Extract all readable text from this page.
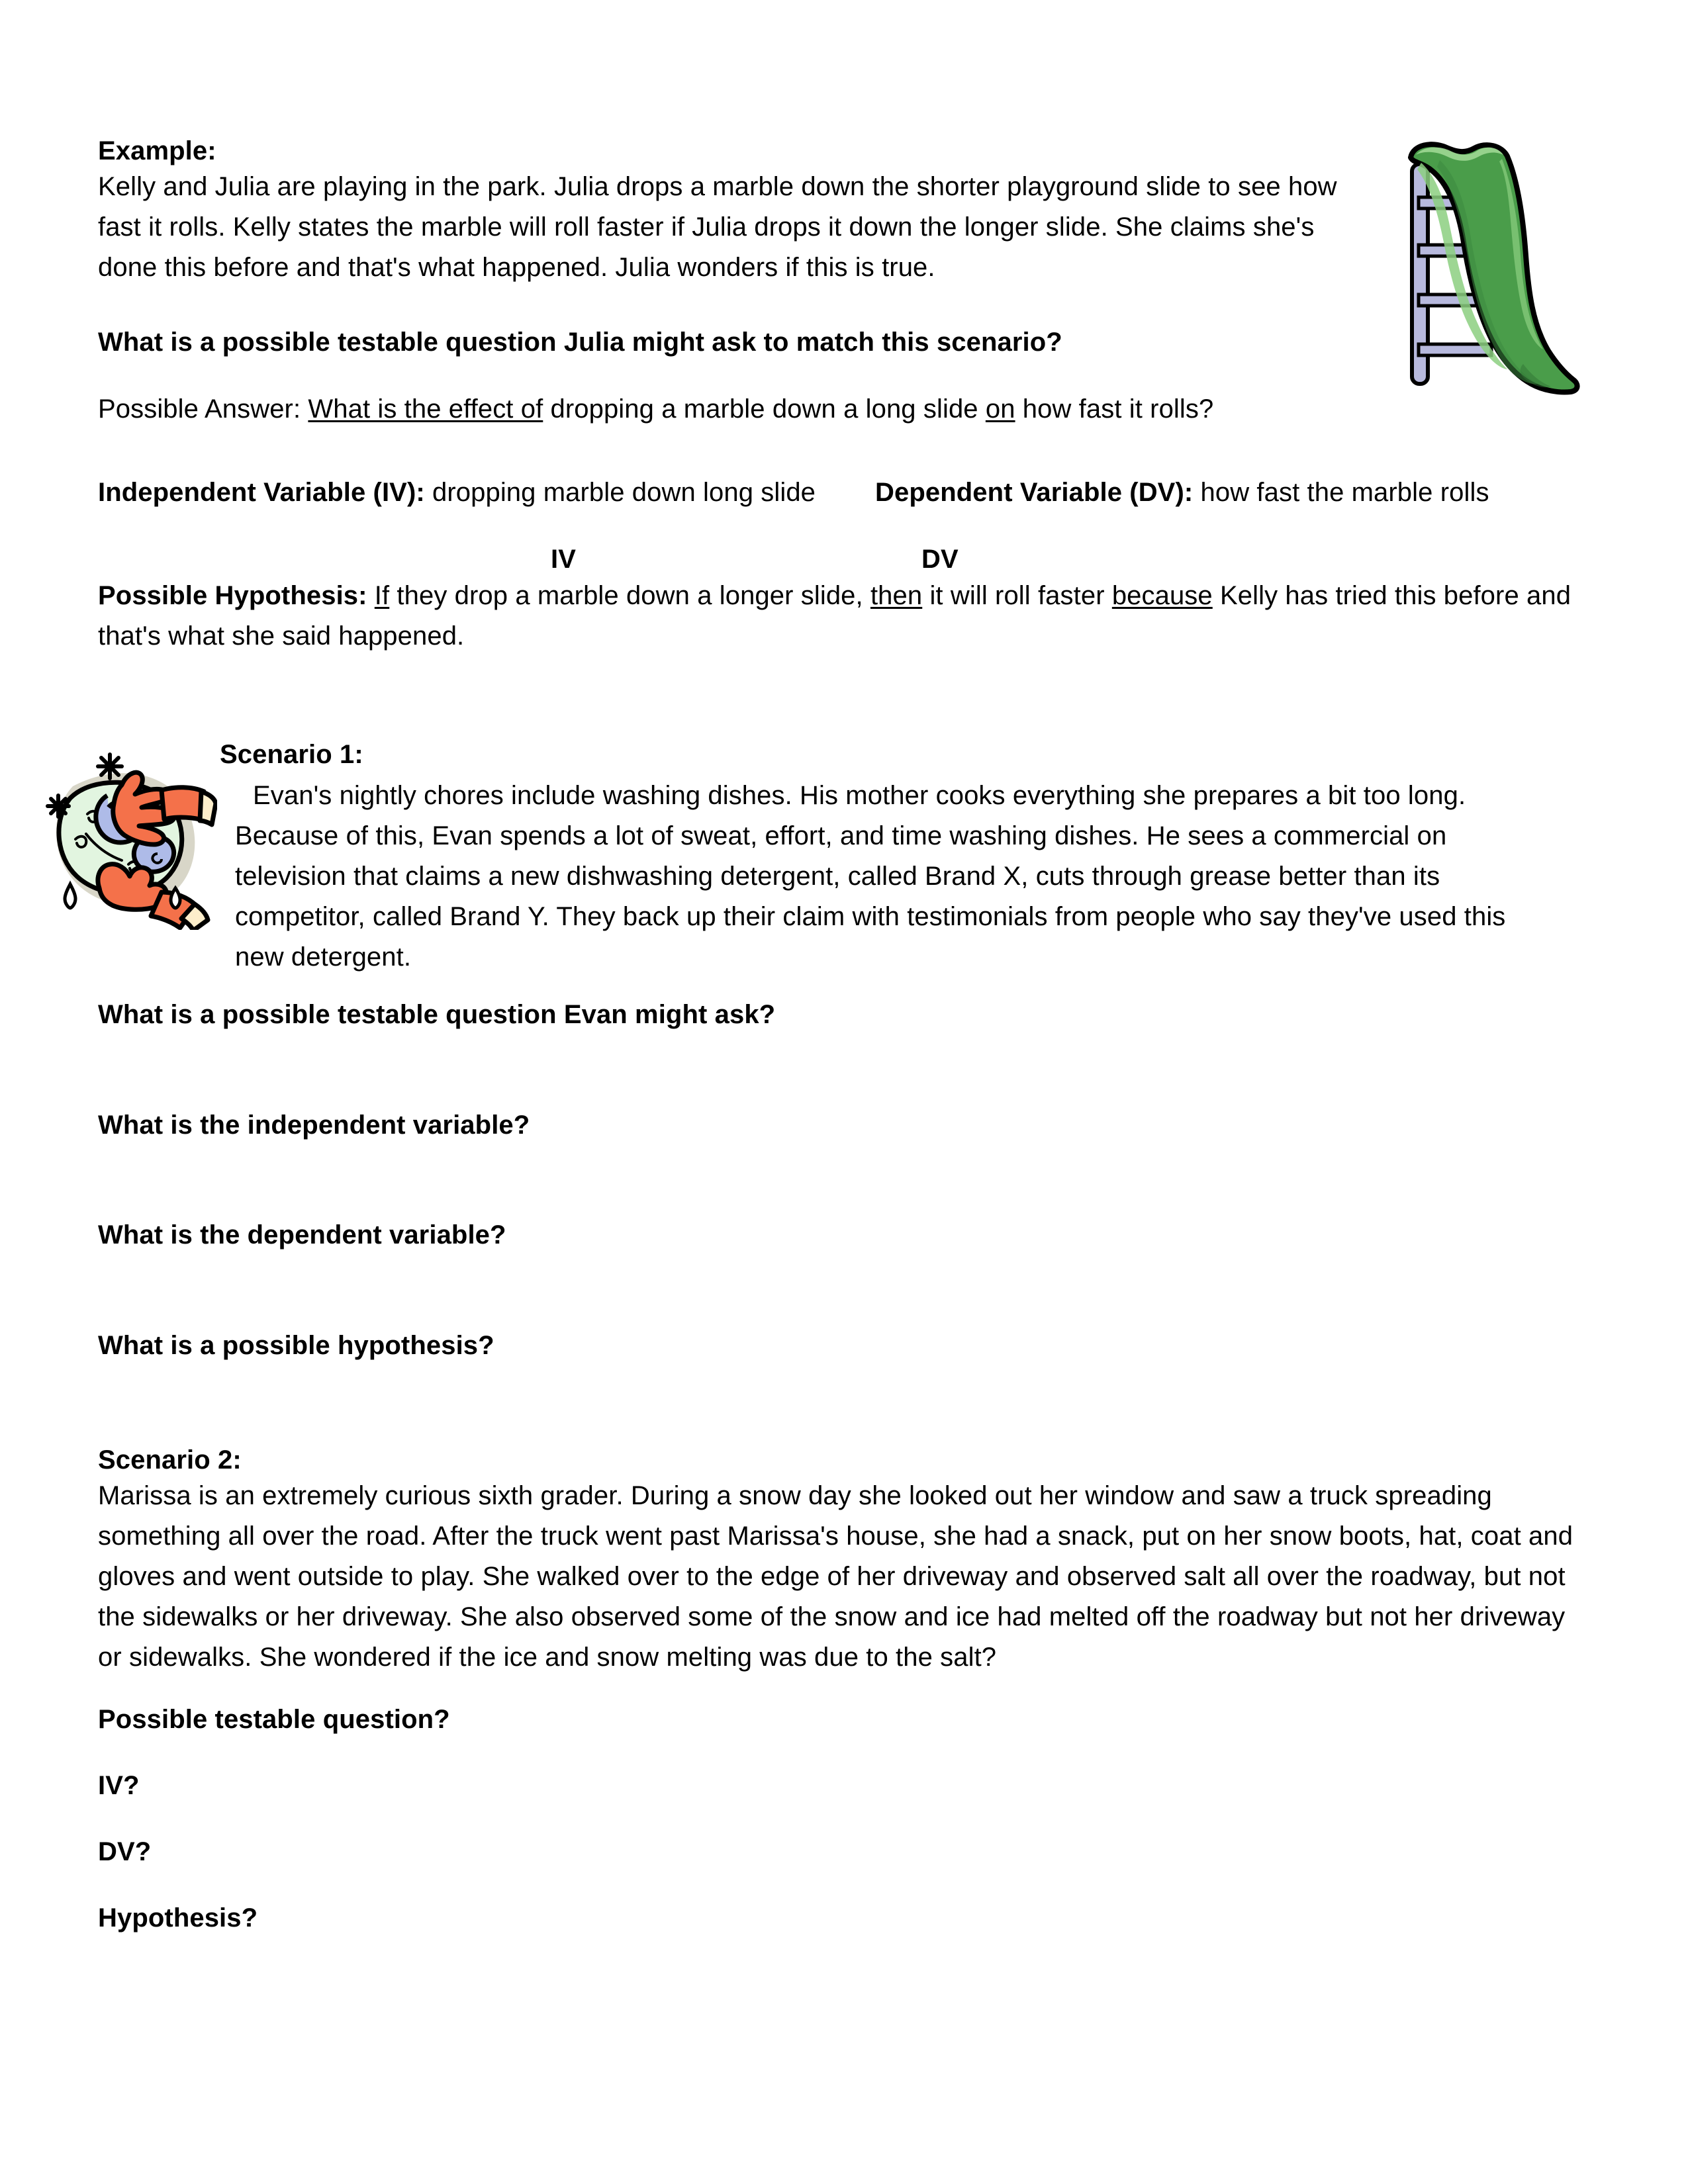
Example:
Kelly and Julia are playing in the park. Julia drops a marble down the shorter playground slide to see how fast it rolls. Kelly states the marble will roll faster if Julia drops it down the longer slide. She claims she's done this before and that's what happened. Julia wonders if this is true.
What is a possible testable question Julia might ask to match this scenario?
Possible Answer: What is the effect of dropping a marble down a long slide on how fast it rolls?
Independent Variable (IV): dropping marble down long slide Dependent Variable (DV): how fast the marble rolls
IV	DV
Possible Hypothesis: If they drop a marble down a longer slide, then it will roll faster because Kelly has tried this before and that's what she said happened.
Scenario 1:
Evan's nightly chores include washing dishes. His mother cooks everything she prepares a bit too long. Because of this, Evan spends a lot of sweat, effort, and time washing dishes. He sees a commercial on television that claims a new dishwashing detergent, called Brand X, cuts through grease better than its competitor, called Brand Y. They back up their claim with testimonials from people who say they've used this new detergent.
What is a possible testable question Evan might ask?
What is the independent variable?
What is the dependent variable?
What is a possible hypothesis?
Scenario 2:
Marissa is an extremely curious sixth grader. During a snow day she looked out her window and saw a truck spreading something all over the road. After the truck went past Marissa's house, she had a snack, put on her snow boots, hat, coat and gloves and went outside to play. She walked over to the edge of her driveway and observed salt all over the roadway, but not the sidewalks or her driveway. She also observed some of the snow and ice had melted off the roadway but not her driveway or sidewalks. She wondered if the ice and snow melting was due to the salt?
Possible testable question?
IV?
DV?
Hypothesis?
